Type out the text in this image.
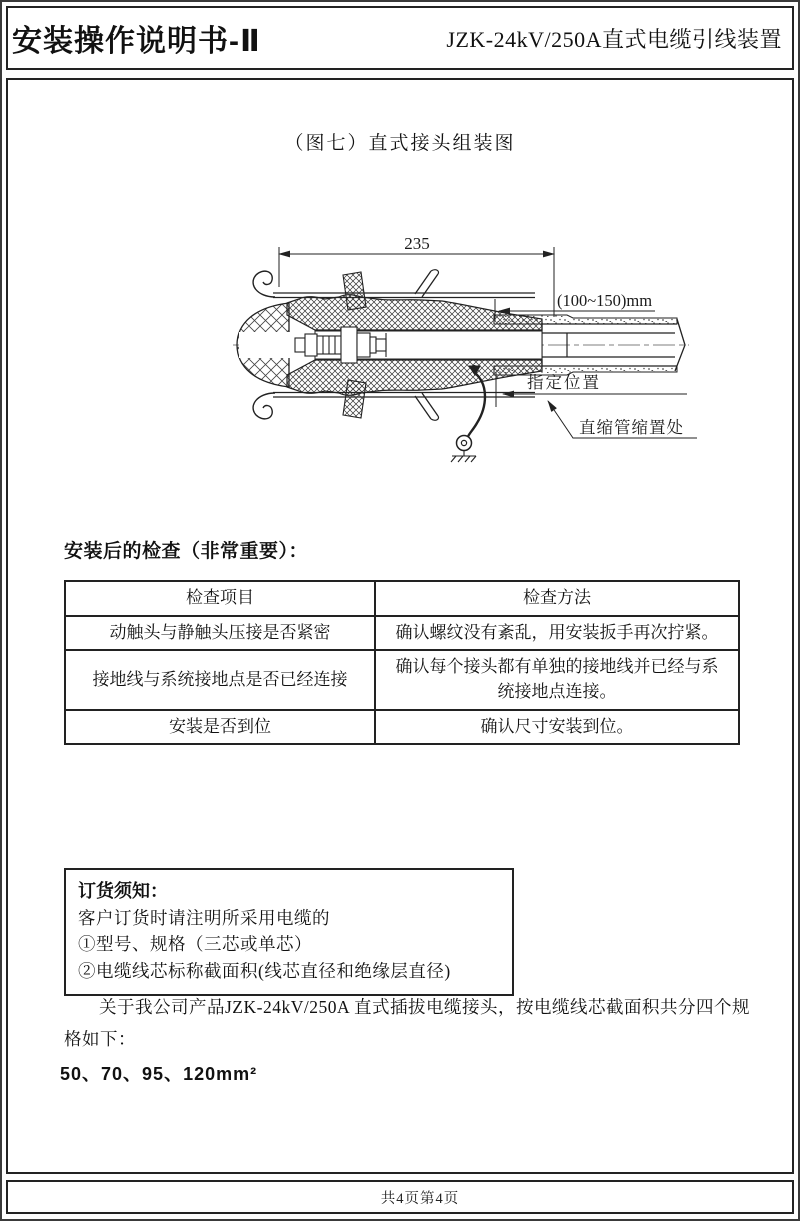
安装操作说明书-Ⅱ	JZK-24kV/250A直式电缆引线装置
（图七）直式接头组装图
235
(100~150)mm
指定位置
直缩管缩置处
安装后的检查（非常重要）：
检查项目	检查方法
动触头与静触头压接是否紧密	确认螺纹没有紊乱，用安装扳手再次拧紧。
接地线与系统接地点是否已经连接	确认每个接头都有单独的接地线并已经与系统接地点连接。
安装是否到位	确认尺寸安装到位。
订货须知：
客户订货时请注明所采用电缆的
①型号、规格（三芯或单芯）
②电缆线芯标称截面积(线芯直径和绝缘层直径)

关于我公司产品JZK-24kV/250A 直式插拔电缆接头，按电缆线芯截面积共分四个规格如下：

50、70、95、120mm²
共4页第4页
